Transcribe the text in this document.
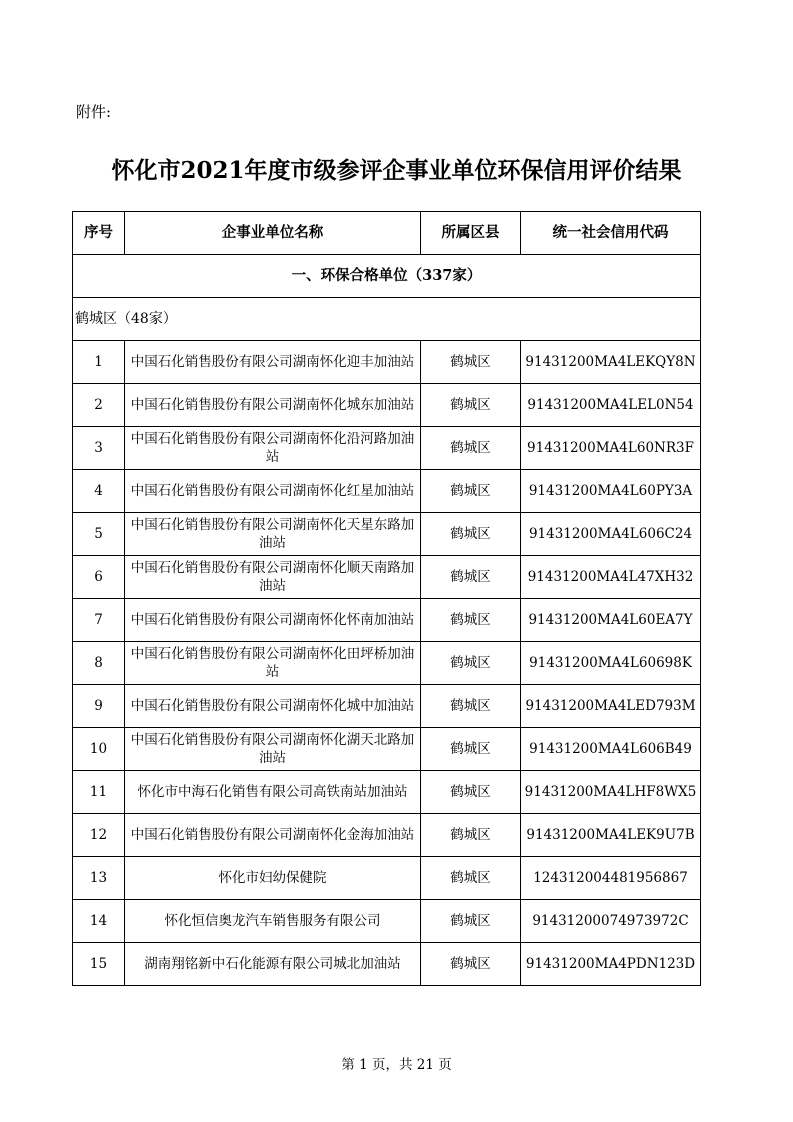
附件:
怀化市2021年度市级参评企事业单位环保信用评价结果
序号	企事业单位名称	所属区县	统一社会信用代码
一、环保合格单位（337家）			
鹤城区（48家）			
1	中国石化销售股份有限公司湖南怀化迎丰加油站	鹤城区	91431200MA4LEKQY8N
2	中国石化销售股份有限公司湖南怀化城东加油站	鹤城区	91431200MA4LEL0N54
3	中国石化销售股份有限公司湖南怀化沿河路加油站	鹤城区	91431200MA4L60NR3F
4	中国石化销售股份有限公司湖南怀化红星加油站	鹤城区	91431200MA4L60PY3A
5	中国石化销售股份有限公司湖南怀化天星东路加油站	鹤城区	91431200MA4L606C24
6	中国石化销售股份有限公司湖南怀化顺天南路加油站	鹤城区	91431200MA4L47XH32
7	中国石化销售股份有限公司湖南怀化怀南加油站	鹤城区	91431200MA4L60EA7Y
8	中国石化销售股份有限公司湖南怀化田坪桥加油站	鹤城区	91431200MA4L60698K
9	中国石化销售股份有限公司湖南怀化城中加油站	鹤城区	91431200MA4LED793M
10	中国石化销售股份有限公司湖南怀化湖天北路加油站	鹤城区	91431200MA4L606B49
11	怀化市中海石化销售有限公司高铁南站加油站	鹤城区	91431200MA4LHF8WX5
12	中国石化销售股份有限公司湖南怀化金海加油站	鹤城区	91431200MA4LEK9U7B
13	怀化市妇幼保健院	鹤城区	124312004481956867
14	怀化恒信奥龙汽车销售服务有限公司	鹤城区	91431200074973972C
15	湖南翔铭新中石化能源有限公司城北加油站	鹤城区	91431200MA4PDN123D
第 1 页，共 21 页
